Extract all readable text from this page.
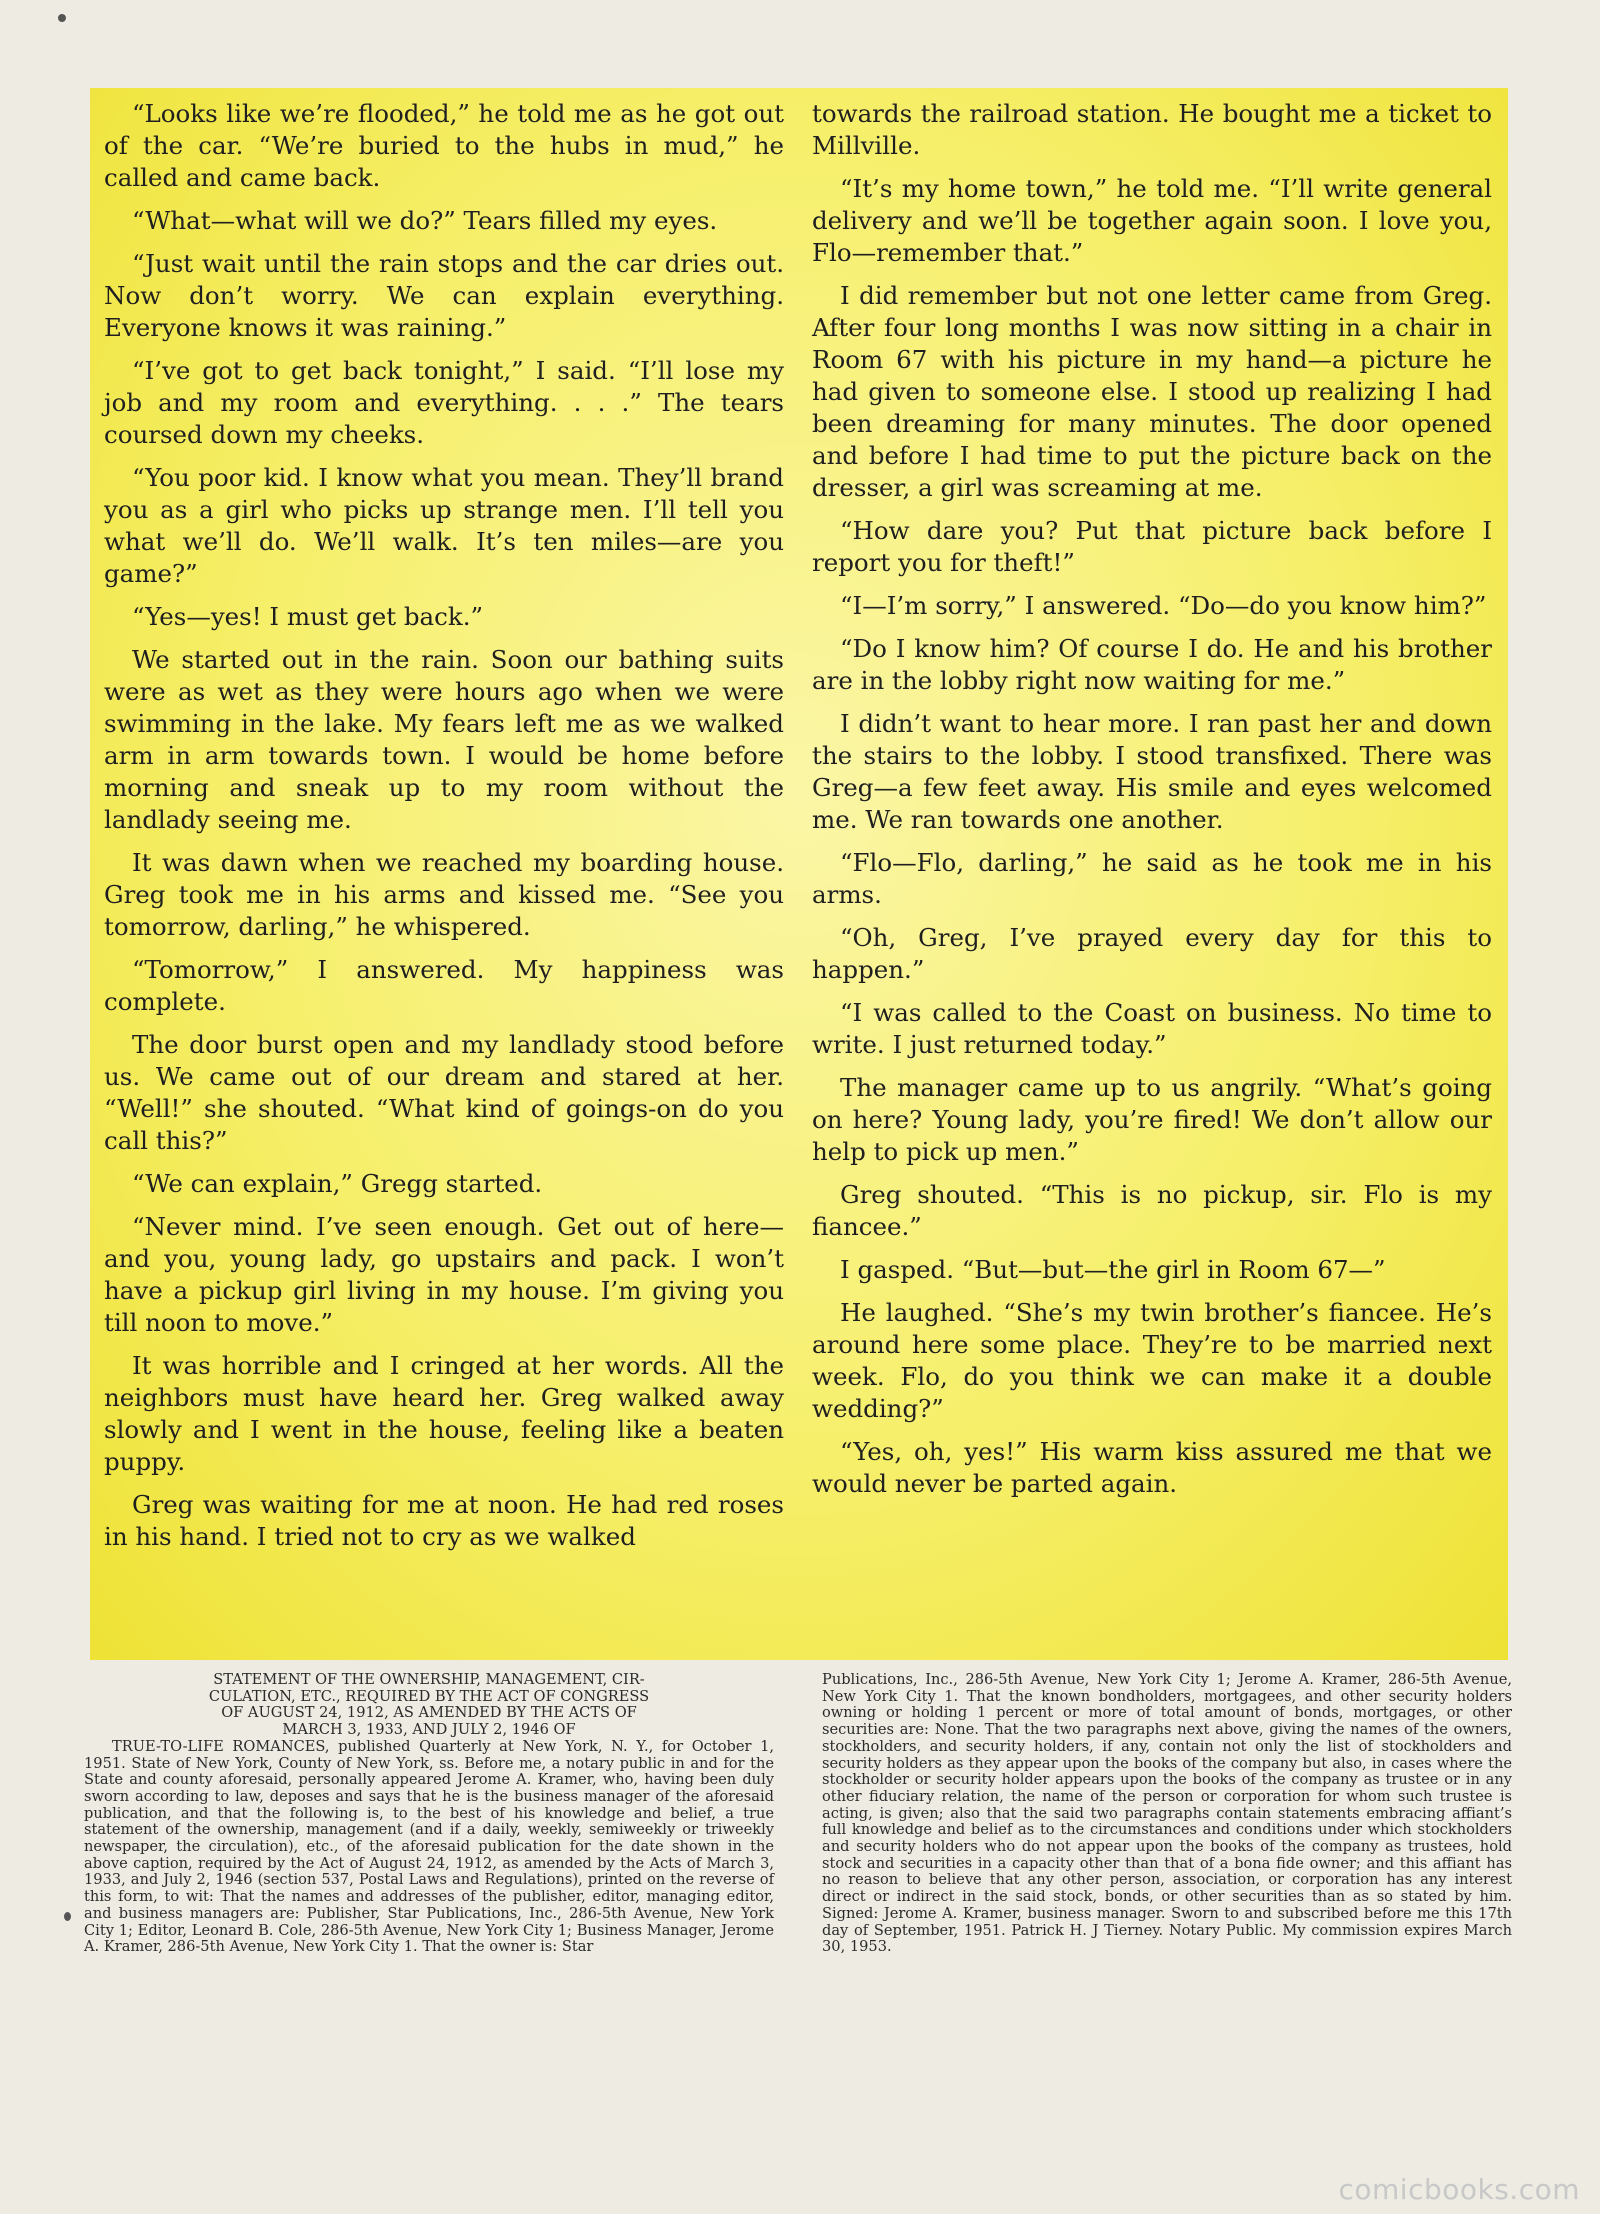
“Looks like we’re flooded,” he told me as he got out of the car. “We’re buried to the hubs in mud,” he called and came back.

“What—what will we do?” Tears filled my eyes.

“Just wait until the rain stops and the car dries out. Now don’t worry. We can explain everything. Everyone knows it was raining.”

“I’ve got to get back tonight,” I said. “I’ll lose my job and my room and everything. . . .” The tears coursed down my cheeks.

“You poor kid. I know what you mean. They’ll brand you as a girl who picks up strange men. I’ll tell you what we’ll do. We’ll walk. It’s ten miles—are you game?”

“Yes—yes! I must get back.”

We started out in the rain. Soon our bathing suits were as wet as they were hours ago when we were swimming in the lake. My fears left me as we walked arm in arm towards town. I would be home before morning and sneak up to my room without the landlady seeing me.

It was dawn when we reached my boarding house. Greg took me in his arms and kissed me. “See you tomorrow, darling,” he whispered.

“Tomorrow,” I answered. My happiness was complete.

The door burst open and my landlady stood before us. We came out of our dream and stared at her. “Well!” she shouted. “What kind of goings-on do you call this?”

“We can explain,” Gregg started.

“Never mind. I’ve seen enough. Get out of here—and you, young lady, go upstairs and pack. I won’t have a pickup girl living in my house. I’m giving you till noon to move.”

It was horrible and I cringed at her words. All the neighbors must have heard her. Greg walked away slowly and I went in the house, feeling like a beaten puppy.

Greg was waiting for me at noon. He had red roses in his hand. I tried not to cry as we walked

towards the railroad station. He bought me a ticket to Millville.

“It’s my home town,” he told me. “I’ll write general delivery and we’ll be together again soon. I love you, Flo—remember that.”

I did remember but not one letter came from Greg. After four long months I was now sitting in a chair in Room 67 with his picture in my hand—a picture he had given to someone else. I stood up realizing I had been dreaming for many minutes. The door opened and before I had time to put the picture back on the dresser, a girl was screaming at me.

“How dare you? Put that picture back before I report you for theft!”

“I—I’m sorry,” I answered. “Do—do you know him?”

“Do I know him? Of course I do. He and his brother are in the lobby right now waiting for me.”

I didn’t want to hear more. I ran past her and down the stairs to the lobby. I stood transfixed. There was Greg—a few feet away. His smile and eyes welcomed me. We ran towards one another.

“Flo—Flo, darling,” he said as he took me in his arms.

“Oh, Greg, I’ve prayed every day for this to happen.”

“I was called to the Coast on business. No time to write. I just returned today.”

The manager came up to us angrily. “What’s going on here? Young lady, you’re fired! We don’t allow our help to pick up men.”

Greg shouted. “This is no pickup, sir. Flo is my fiancee.”

I gasped. “But—but—the girl in Room 67—”

He laughed. “She’s my twin brother’s fiancee. He’s around here some place. They’re to be married next week. Flo, do you think we can make it a double wedding?”

“Yes, oh, yes!” His warm kiss assured me that we would never be parted again.

STATEMENT OF THE OWNERSHIP, MANAGEMENT, CIR-

CULATION, ETC., REQUIRED BY THE ACT OF CONGRESS

OF AUGUST 24, 1912, AS AMENDED BY THE ACTS OF

MARCH 3, 1933, AND JULY 2, 1946 OF

TRUE-TO-LIFE ROMANCES, published Quarterly at New York, N. Y., for October 1, 1951. State of New York, County of New York, ss. Before me, a notary public in and for the State and county aforesaid, personally appeared Jerome A. Kramer, who, having been duly sworn according to law, deposes and says that he is the business manager of the aforesaid publication, and that the following is, to the best of his knowledge and belief, a true statement of the ownership, management (and if a daily, weekly, semiweekly or triweekly newspaper, the circulation), etc., of the aforesaid publication for the date shown in the above caption, required by the Act of August 24, 1912, as amended by the Acts of March 3, 1933, and July 2, 1946 (section 537, Postal Laws and Regulations), printed on the reverse of this form, to wit: That the names and addresses of the publisher, editor, managing editor, and business managers are: Publisher, Star Publications, Inc., 286-5th Avenue, New York City 1; Editor, Leonard B. Cole, 286-5th Avenue, New York City 1; Business Manager, Jerome A. Kramer, 286-5th Avenue, New York City 1. That the owner is: Star

Publications, Inc., 286-5th Avenue, New York City 1; Jerome A. Kramer, 286-5th Avenue, New York City 1. That the known bondholders, mortgagees, and other security holders owning or holding 1 percent or more of total amount of bonds, mortgages, or other securities are: None. That the two paragraphs next above, giving the names of the owners, stockholders, and security holders, if any, contain not only the list of stockholders and security holders as they appear upon the books of the company but also, in cases where the stockholder or security holder appears upon the books of the company as trustee or in any other fiduciary relation, the name of the person or corporation for whom such trustee is acting, is given; also that the said two paragraphs contain statements embracing affiant’s full knowledge and belief as to the circumstances and conditions under which stockholders and security holders who do not appear upon the books of the company as trustees, hold stock and securities in a capacity other than that of a bona fide owner; and this affiant has no reason to believe that any other person, association, or corporation has any interest direct or indirect in the said stock, bonds, or other securities than as so stated by him. Signed: Jerome A. Kramer, business manager. Sworn to and subscribed before me this 17th day of September, 1951. Patrick H. J Tierney. Notary Public. My commission expires March 30, 1953.

comicbooks.com
